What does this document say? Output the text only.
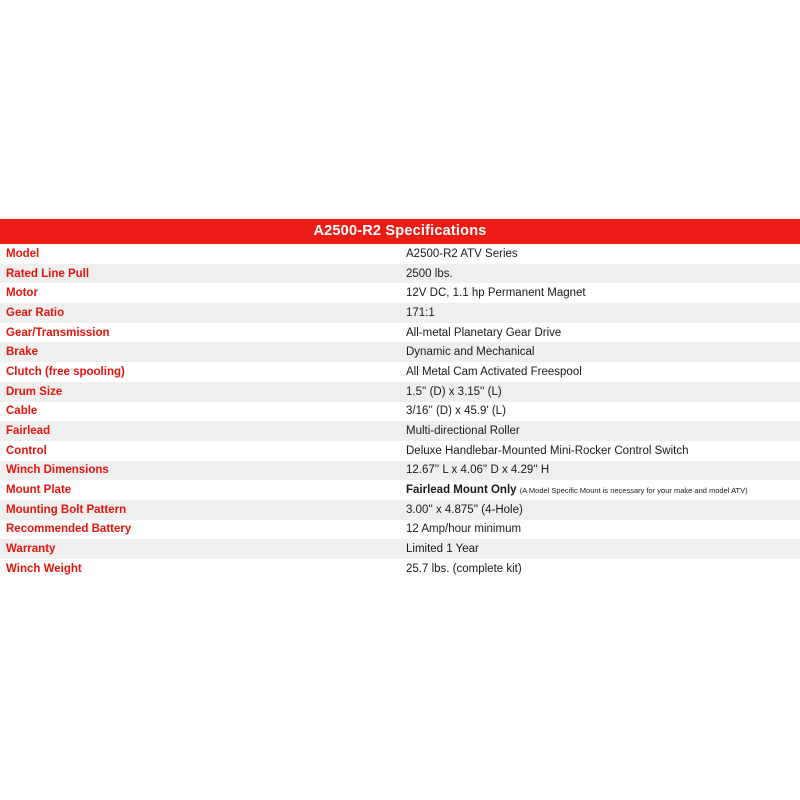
A2500-R2 Specifications	
Model	A2500-R2 ATV Series
Rated Line Pull	2500 lbs.
Motor	12V DC, 1.1 hp Permanent Magnet
Gear Ratio	171:1
Gear/Transmission	All-metal Planetary Gear Drive
Brake	Dynamic and Mechanical
Clutch (free spooling)	All Metal Cam Activated Freespool
Drum Size	1.5'' (D) x 3.15'' (L)
Cable	3/16'' (D) x 45.9' (L)
Fairlead	Multi-directional Roller
Control	Deluxe Handlebar-Mounted Mini-Rocker Control Switch
Winch Dimensions	12.67'' L x 4.06'' D x 4.29'' H
Mount Plate	Fairlead Mount Only (A Model Specific Mount is necessary for your make and model ATV)
Mounting Bolt Pattern	3.00'' x 4.875'' (4-Hole)
Recommended Battery	12 Amp/hour minimum
Warranty	Limited 1 Year
Winch Weight	25.7 lbs. (complete kit)
